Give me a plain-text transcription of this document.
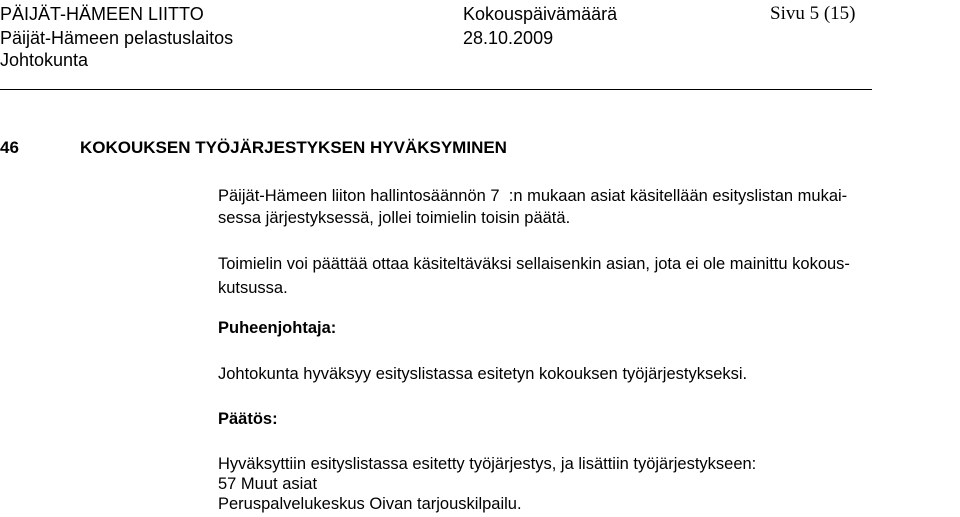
PÄIJÄT-HÄMEEN LIITTO
Päijät-Hämeen pelastuslaitos
Johtokunta
Kokouspäivämäärä
28.10.2009
Sivu 5 (15)
46	KOKOUKSEN TYÖJÄRJESTYKSEN HYVÄKSYMINEN
Päijät-Hämeen liiton hallintosäännön 7  :n mukaan asiat käsitellään esityslistan mukai-
sessa järjestyksessä, jollei toimielin toisin päätä.
Toimielin voi päättää ottaa käsiteltäväksi sellaisenkin asian, jota ei ole mainittu kokous-
kutsussa.
Puheenjohtaja:
Johtokunta hyväksyy esityslistassa esitetyn kokouksen työjärjestykseksi.
Päätös:
Hyväksyttiin esityslistassa esitetty työjärjestys, ja lisättiin työjärjestykseen:
57 Muut asiat
Peruspalvelukeskus Oivan tarjouskilpailu.
